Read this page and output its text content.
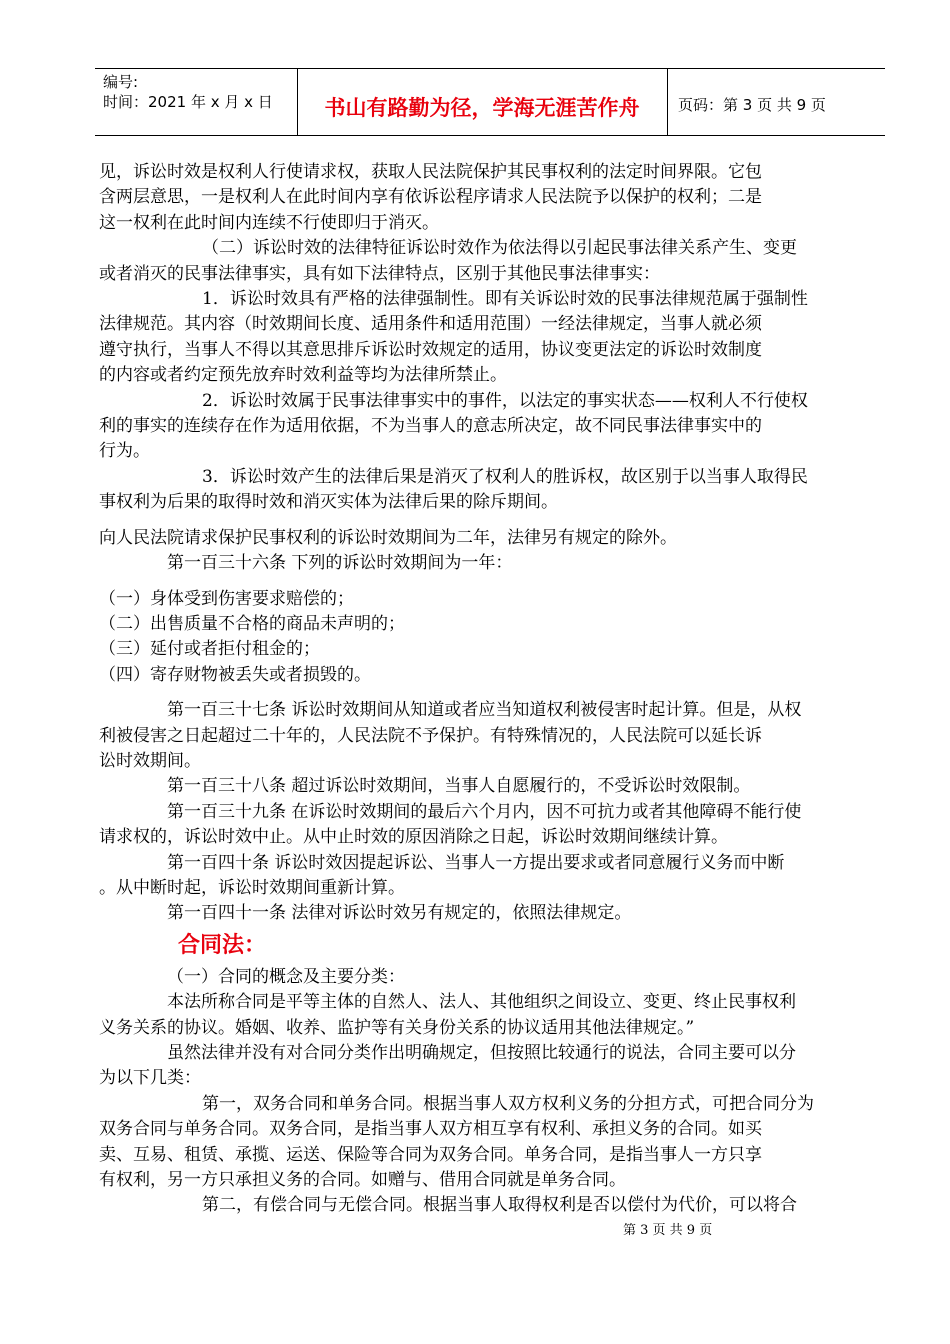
编号:
时间：2021 年 x 月 x 日	书山有路勤为径，学海无涯苦作舟	页码：第 3 页 共 9 页

见，诉讼时效是权利人行使请求权，获取人民法院保护其民事权利的法定时间界限。它包

含两层意思，一是权利人在此时间内享有依诉讼程序请求人民法院予以保护的权利；二是

这一权利在此时间内连续不行使即归于消灭。

（二）诉讼时效的法律特征诉讼时效作为依法得以引起民事法律关系产生、变更

或者消灭的民事法律事实，具有如下法律特点，区别于其他民事法律事实：

1．诉讼时效具有严格的法律强制性。即有关诉讼时效的民事法律规范属于强制性

法律规范。其内容（时效期间长度、适用条件和适用范围）一经法律规定，当事人就必须

遵守执行，当事人不得以其意思排斥诉讼时效规定的适用，协议变更法定的诉讼时效制度

的内容或者约定预先放弃时效利益等均为法律所禁止。

2．诉讼时效属于民事法律事实中的事件，以法定的事实状态——权利人不行使权

利的事实的连续存在作为适用依据，不为当事人的意志所决定，故不同民事法律事实中的

行为。

3．诉讼时效产生的法律后果是消灭了权利人的胜诉权，故区别于以当事人取得民

事权利为后果的取得时效和消灭实体为法律后果的除斥期间。

向人民法院请求保护民事权利的诉讼时效期间为二年，法律另有规定的除外。

第一百三十六条 下列的诉讼时效期间为一年：

（一）身体受到伤害要求赔偿的；

（二）出售质量不合格的商品未声明的；

（三）延付或者拒付租金的；

（四）寄存财物被丢失或者损毁的。

第一百三十七条 诉讼时效期间从知道或者应当知道权利被侵害时起计算。但是，从权

利被侵害之日起超过二十年的，人民法院不予保护。有特殊情况的，人民法院可以延长诉

讼时效期间。

第一百三十八条 超过诉讼时效期间，当事人自愿履行的，不受诉讼时效限制。

第一百三十九条 在诉讼时效期间的最后六个月内，因不可抗力或者其他障碍不能行使

请求权的，诉讼时效中止。从中止时效的原因消除之日起，诉讼时效期间继续计算。

第一百四十条 诉讼时效因提起诉讼、当事人一方提出要求或者同意履行义务而中断

。从中断时起，诉讼时效期间重新计算。

第一百四十一条 法律对诉讼时效另有规定的，依照法律规定。

合同法：

（一）合同的概念及主要分类：

本法所称合同是平等主体的自然人、法人、其他组织之间设立、变更、终止民事权利

义务关系的协议。婚姻、收养、监护等有关身份关系的协议适用其他法律规定。”

虽然法律并没有对合同分类作出明确规定，但按照比较通行的说法，合同主要可以分

为以下几类：

第一，双务合同和单务合同。根据当事人双方权利义务的分担方式，可把合同分为

双务合同与单务合同。双务合同，是指当事人双方相互享有权利、承担义务的合同。如买

卖、互易、租赁、承揽、运送、保险等合同为双务合同。单务合同，是指当事人一方只享

有权利，另一方只承担义务的合同。如赠与、借用合同就是单务合同。

第二，有偿合同与无偿合同。根据当事人取得权利是否以偿付为代价，可以将合

第 3 页 共 9 页
